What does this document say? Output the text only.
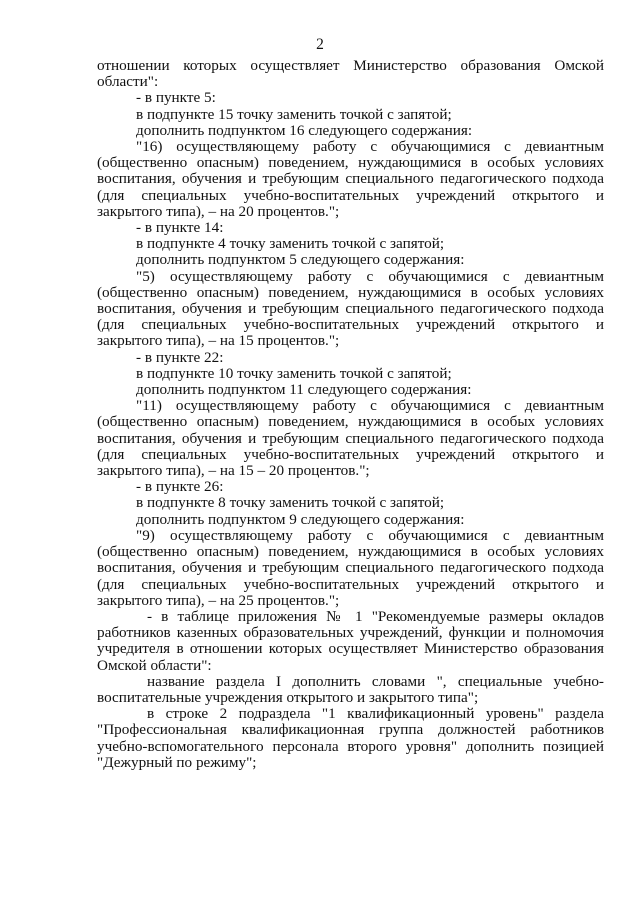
2

отношении которых осуществляет Министерство образования Омской области":

- в пункте 5:

в подпункте 15 точку заменить точкой с запятой;

дополнить подпунктом 16 следующего содержания:

"16) осуществляющему работу с обучающимися с девиантным (общественно опасным) поведением, нуждающимися в особых условиях воспитания, обучения и требующим специального педагогического подхода (для специальных учебно-воспитательных учреждений открытого и закрытого типа), – на 20 процентов.";

- в пункте 14:

в подпункте 4 точку заменить точкой с запятой;

дополнить подпунктом 5 следующего содержания:

"5) осуществляющему работу с обучающимися с девиантным (общественно опасным) поведением, нуждающимися в особых условиях воспитания, обучения и требующим специального педагогического подхода (для специальных учебно-воспитательных учреждений открытого и закрытого типа), – на 15 процентов.";

- в пункте 22:

в подпункте 10 точку заменить точкой с запятой;

дополнить подпунктом 11 следующего содержания:

"11) осуществляющему работу с обучающимися с девиантным (общественно опасным) поведением, нуждающимися в особых условиях воспитания, обучения и требующим специального педагогического подхода (для специальных учебно-воспитательных учреждений открытого и закрытого типа), – на 15 – 20 процентов.";

- в пункте 26:

в подпункте 8 точку заменить точкой с запятой;

дополнить подпунктом 9 следующего содержания:

"9) осуществляющему работу с обучающимися с девиантным (общественно опасным) поведением, нуждающимися в особых условиях воспитания, обучения и требующим специального педагогического подхода (для специальных учебно-воспитательных учреждений открытого и закрытого типа), – на 25 процентов.";

- в таблице приложения № 1 "Рекомендуемые размеры окладов работников казенных образовательных учреждений, функции и полномочия учредителя в отношении которых осуществляет Министерство образования Омской области":

название раздела I дополнить словами ", специальные учебно-воспитательные учреждения открытого и закрытого типа";

в строке 2 подраздела "1 квалификационный уровень" раздела "Профессиональная квалификационная группа должностей работников учебно-вспомогательного персонала второго уровня" дополнить позицией "Дежурный по режиму";
